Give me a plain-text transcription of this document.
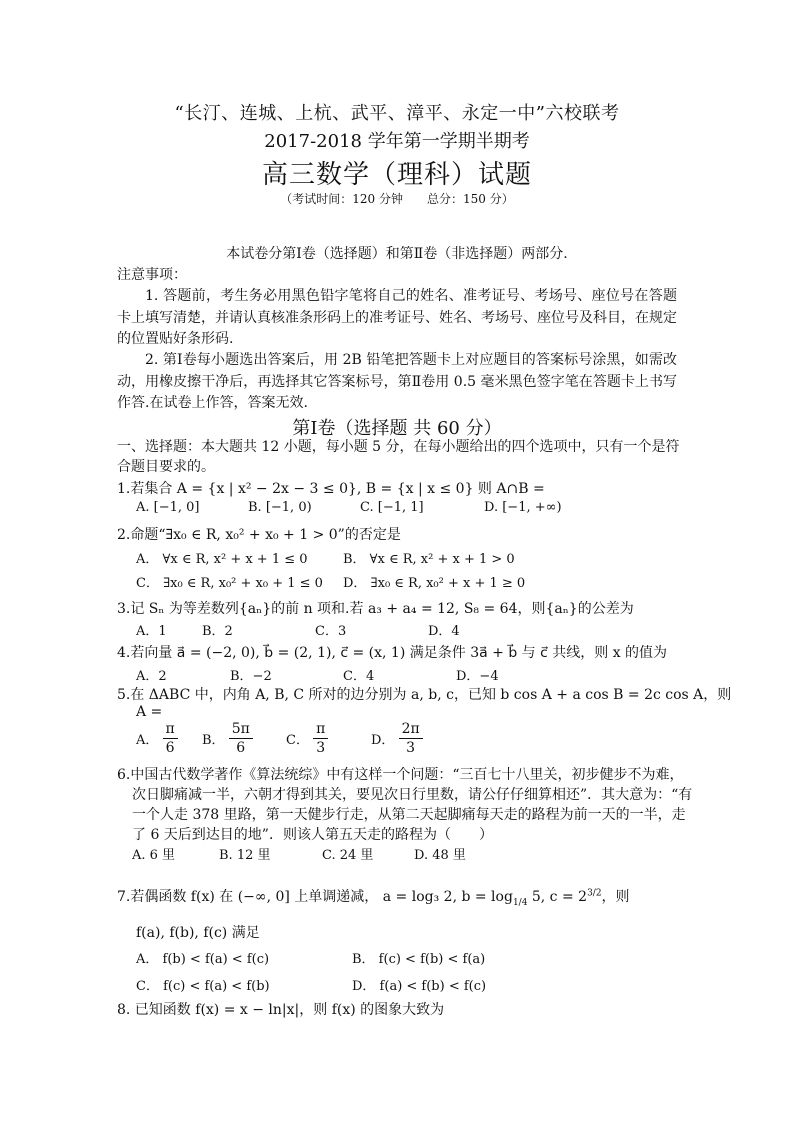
“长汀、连城、上杭、武平、漳平、永定一中”六校联考
2017-2018 学年第一学期半期考
高三数学（理科）试题
（考试时间：120 分钟　　总分：150 分）
本试卷分第Ⅰ卷（选择题）和第Ⅱ卷（非选择题）两部分.
注意事项：
1. 答题前，考生务必用黑色铅字笔将自己的姓名、准考证号、考场号、座位号在答题卡上填写清楚，并请认真核准条形码上的准考证号、姓名、考场号、座位号及科目，在规定的位置贴好条形码.
2. 第Ⅰ卷每小题选出答案后，用 2B 铅笔把答题卡上对应题目的答案标号涂黑，如需改动，用橡皮擦干净后，再选择其它答案标号，第Ⅱ卷用 0.5 毫米黑色签字笔在答题卡上书写作答.在试卷上作答，答案无效.
第Ⅰ卷（选择题 共 60 分）
一、选择题：本大题共 12 小题，每小题 5 分，在每小题给出的四个选项中，只有一个是符
合题目要求的。
1.若集合 A = {x | x² − 2x − 3 ≤ 0}, B = {x | x ≤ 0} 则 A∩B =
A. [−1, 0]	B. [−1, 0)	C. [−1, 1]	D. [−1, +∞)
2.命题“∃x₀ ∈ R, x₀² + x₀ + 1 > 0”的否定是
A． ∀x ∈ R, x² + x + 1 ≤ 0	B． ∀x ∈ R, x² + x + 1 > 0
C． ∃x₀ ∈ R, x₀² + x₀ + 1 ≤ 0 D． ∃x₀ ∈ R, x₀² + x + 1 ≥ 0
3.记 Sₙ 为等差数列{aₙ}的前 n 项和.若 a₃ + a₄ = 12, S₈ = 64，则{aₙ}的公差为
A．1	B．2	C．3	D．4
4.若向量 a⃗ = (−2, 0), b⃗ = (2, 1), c⃗ = (x, 1) 满足条件 3a⃗ + b⃗ 与 c⃗ 共线，则 x 的值为
A．2	B．−2	C．4	D．−4
5.在 ΔABC 中，内角 A, B, C 所对的边分别为 a, b, c，已知 b cos A + a cos B = 2c cos A，则
A =
A． $\frac{\pi}{6}$ B． $\frac{5\pi}{6}$	C． $\frac{\pi}{3}$	D． $\frac{2\pi}{3}$
6.中国古代数学著作《算法统综》中有这样一个问题：“三百七十八里关，初步健步不为难，
次日脚痛减一半，六朝才得到其关，要见次日行里数，请公仔仔细算相还”．其大意为：“有
一个人走 378 里路，第一天健步行走，从第二天起脚痛每天走的路程为前一天的一半，走
了 6 天后到达目的地”．则该人第五天走的路程为（　　）
A. 6 里	B. 12 里	C. 24 里	D. 48 里
7.若偶函数 f(x) 在 (−∞, 0] 上单调递减， a = log₃ 2, $b = \log_{1/4} 5$, $c = 2^{3/2}$，则
f(a), f(b), f(c) 满足
A． f(b) < f(a) < f(c)	B． f(c) < f(b) < f(a)
C． f(c) < f(a) < f(b)	D． f(a) < f(b) < f(c)
8. 已知函数 f(x) = x − ln|x|，则 f(x) 的图象大致为
